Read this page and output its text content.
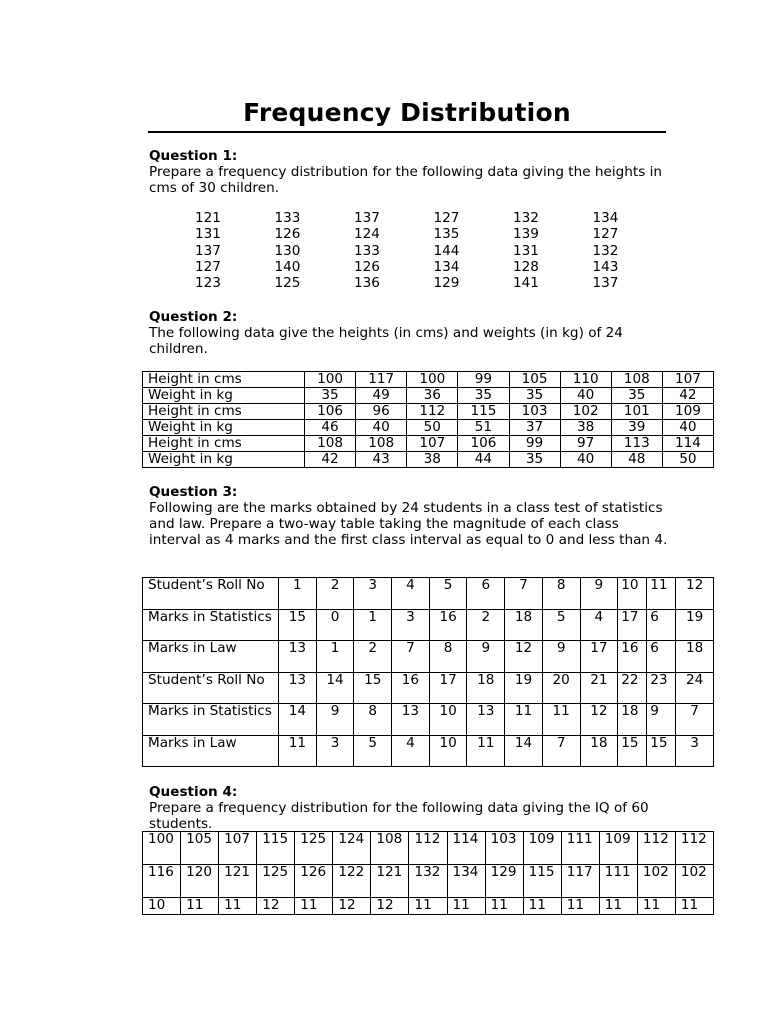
Frequency Distribution
Question 1:
Prepare a frequency distribution for the following data giving the heights in cms of 30 children.
121	133	137	127	132	134
131	126	124	135	139	127
137	130	133	144	131	132
127	140	126	134	128	143
123	125	136	129	141	137
Question 2:
The following data give the heights (in cms) and weights (in kg) of 24 children.
Height in cms	100	117	100	99	105	110	108	107
Weight in kg	35	49	36	35	35	40	35	42
Height in cms	106	96	112	115	103	102	101	109
Weight in kg	46	40	50	51	37	38	39	40
Height in cms	108	108	107	106	99	97	113	114
Weight in kg	42	43	38	44	35	40	48	50
Question 3:
Following are the marks obtained by 24 students in a class test of statistics and law. Prepare a two-way table taking the magnitude of each class interval as 4 marks and the first class interval as equal to 0 and less than 4.
Student’s Roll No	1	2	3	4	5	6	7	8	9	10	11	12
Marks in Statistics	15	0	1	3	16	2	18	5	4	17	6	19
Marks in Law	13	1	2	7	8	9	12	9	17	16	6	18
Student’s Roll No	13	14	15	16	17	18	19	20	21	22	23	24
Marks in Statistics	14	9	8	13	10	13	11	11	12	18	9	7
Marks in Law	11	3	5	4	10	11	14	7	18	15	15	3
Question 4:
Prepare a frequency distribution for the following data giving the IQ of 60 students.
100	105	107	115	125	124	108	112	114	103	109	111	109	112	112
116	120	121	125	126	122	121	132	134	129	115	117	111	102	102
10	11	11	12	11	12	12	11	11	11	11	11	11	11	11
